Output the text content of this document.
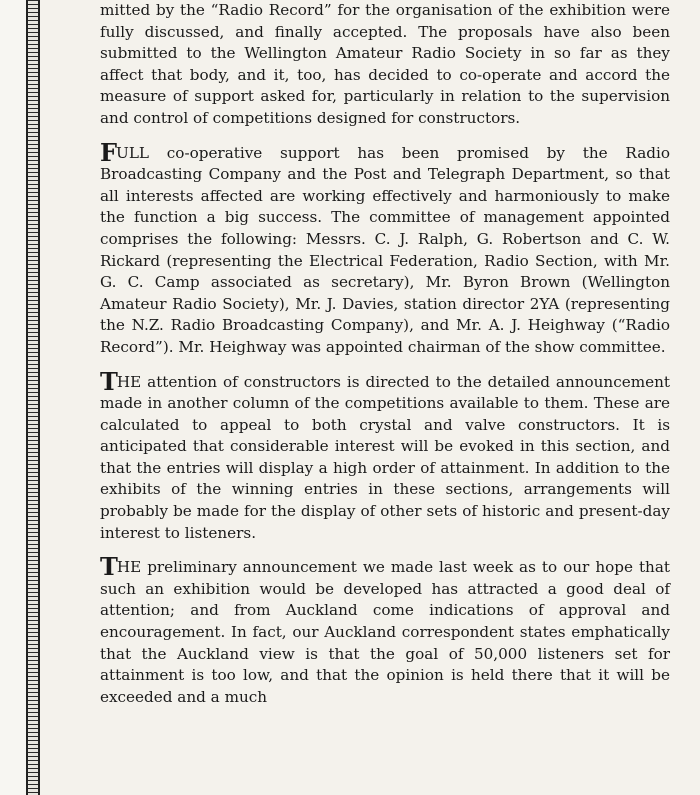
mitted by the “Radio Record” for the organisation of the exhibition were fully discussed, and finally accepted. The proposals have also been submitted to the Wellington Amateur Radio Society in so far as they affect that body, and it, too, has decided to co-operate and accord the measure of support asked for, particularly in relation to the supervision and control of competitions designed for constructors.

FULL co-operative support has been promised by the Radio Broadcasting Company and the Post and Telegraph Department, so that all interests affected are working effectively and harmoniously to make the function a big success. The committee of management appointed comprises the following: Messrs. C. J. Ralph, G. Robertson and C. W. Rickard (representing the Electrical Federation, Radio Section, with Mr. G. C. Camp associated as secretary), Mr. Byron Brown (Wellington Amateur Radio Society), Mr. J. Davies, station director 2YA (representing the N.Z. Radio Broadcasting Company), and Mr. A. J. Heighway (“Radio Record”). Mr. Heighway was appointed chairman of the show committee.

THE attention of constructors is directed to the detailed announcement made in another column of the competitions available to them. These are calculated to appeal to both crystal and valve constructors. It is anticipated that considerable interest will be evoked in this section, and that the entries will display a high order of attainment. In addition to the exhibits of the winning entries in these sections, arrangements will probably be made for the display of other sets of historic and present-day interest to listeners.

THE preliminary announcement we made last week as to our hope that such an exhibition would be developed has attracted a good deal of attention; and from Auckland come indications of approval and encouragement. In fact, our Auckland correspondent states emphatically that the Auckland view is that the goal of 50,000 listeners set for attainment is too low, and that the opinion is held there that it will be exceeded and a much
